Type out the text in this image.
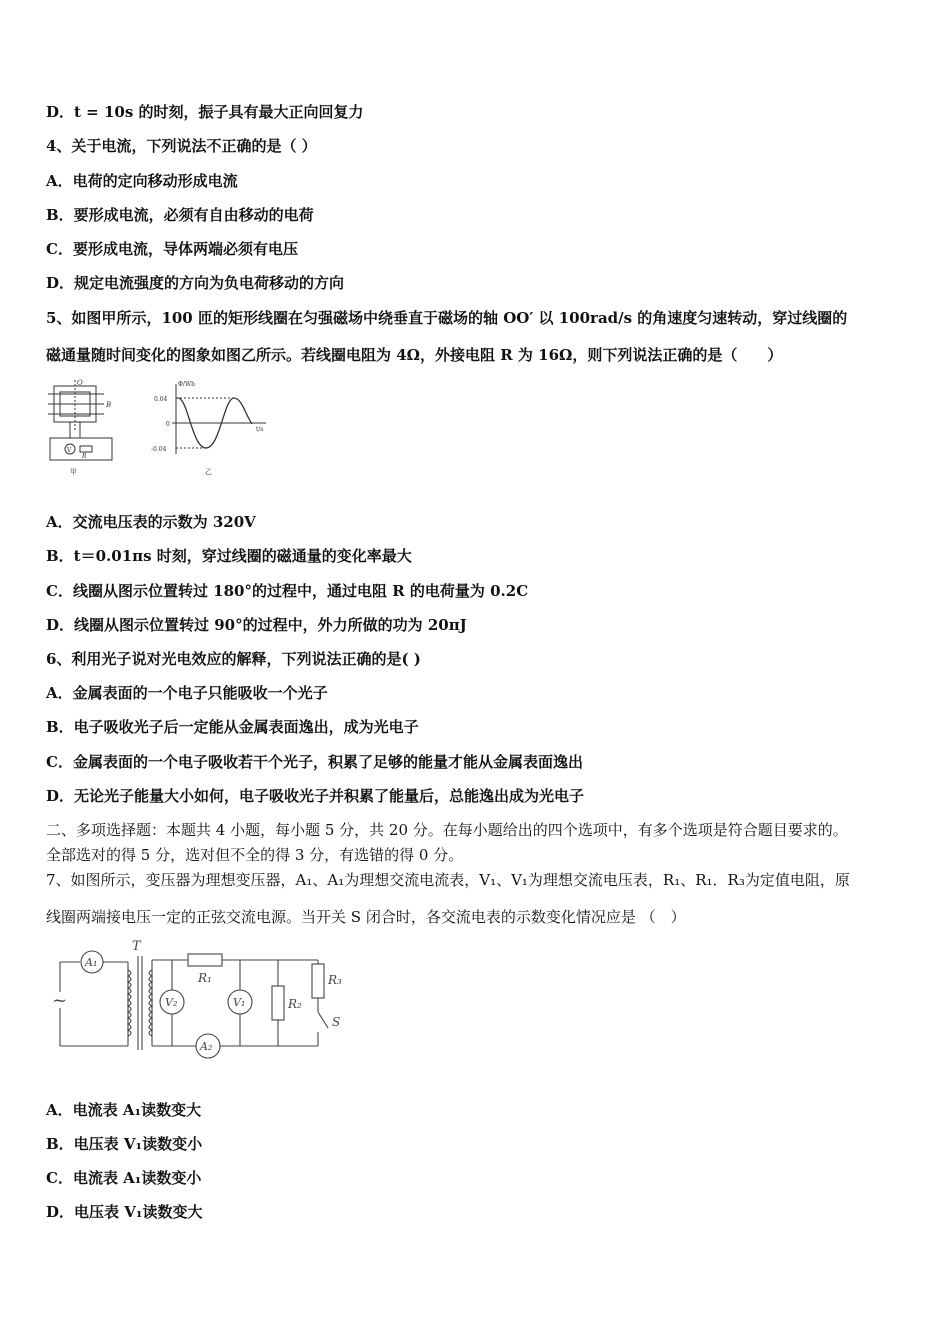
D．t = 10s 的时刻，振子具有最大正向回复力
4、关于电流，下列说法不正确的是（ ）
A．电荷的定向移动形成电流
B．要形成电流，必须有自由移动的电荷
C．要形成电流，导体两端必须有电压
D．规定电流强度的方向为负电荷移动的方向
5、如图甲所示，100 匝的矩形线圈在匀强磁场中绕垂直于磁场的轴 OO′ 以 100rad/s 的角速度匀速转动，穿过线圈的
磁通量随时间变化的图象如图乙所示。若线圈电阻为 4Ω，外接电阻 R 为 16Ω，则下列说法正确的是（　　）
O
B
V
R
甲
Φ/Wb
0.04
0
-0.04
t/s
乙
A．交流电压表的示数为 320V
B．t＝0.01πs 时刻，穿过线圈的磁通量的变化率最大
C．线圈从图示位置转过 180°的过程中，通过电阻 R 的电荷量为 0.2C
D．线圈从图示位置转过 90°的过程中，外力所做的功为 20πJ
6、利用光子说对光电效应的解释，下列说法正确的是( )
A．金属表面的一个电子只能吸收一个光子
B．电子吸收光子后一定能从金属表面逸出，成为光电子
C．金属表面的一个电子吸收若干个光子，积累了足够的能量才能从金属表面逸出
D．无论光子能量大小如何，电子吸收光子并积累了能量后，总能逸出成为光电子
二、多项选择题：本题共 4 小题，每小题 5 分，共 20 分。在每小题给出的四个选项中，有多个选项是符合题目要求的。
全部选对的得 5 分，选对但不全的得 3 分，有选错的得 0 分。
7、如图所示，变压器为理想变压器，A₁、A₁为理想交流电流表，V₁、V₁为理想交流电压表，R₁、R₁．R₃为定值电阻，原
线圈两端接电压一定的正弦交流电源。当开关 S 闭合时，各交流电表的示数变化情况应是 （　）
~
A₁
T
R₁
V₂	V₁	R₂
R₃
S
A₂
A．电流表 A₁读数变大
B．电压表 V₁读数变小
C．电流表 A₁读数变小
D．电压表 V₁读数变大
